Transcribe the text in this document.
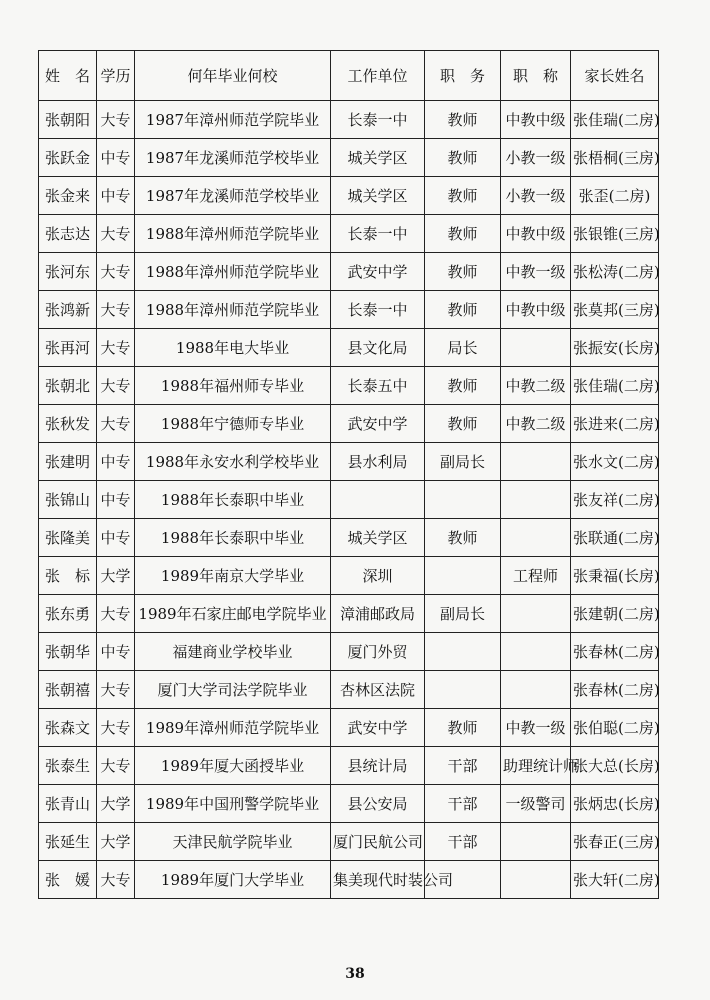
姓　名	学历	何年毕业何校	工作单位	职　务	职　称	家长姓名
张朝阳	大专	1987年漳州师范学院毕业	长泰一中	教师	中教中级	张佳瑞(二房)
张跃金	中专	1987年龙溪师范学校毕业	城关学区	教师	小教一级	张梧桐(三房)
张金来	中专	1987年龙溪师范学校毕业	城关学区	教师	小教一级	张歪(二房)
张志达	大专	1988年漳州师范学院毕业	长泰一中	教师	中教中级	张银锥(三房)
张河东	大专	1988年漳州师范学院毕业	武安中学	教师	中教一级	张松涛(二房)
张鸿新	大专	1988年漳州师范学院毕业	长泰一中	教师	中教中级	张莫邦(三房)
张再河	大专	1988年电大毕业	县文化局	局长		张振安(长房)
张朝北	大专	1988年福州师专毕业	长泰五中	教师	中教二级	张佳瑞(二房)
张秋发	大专	1988年宁德师专毕业	武安中学	教师	中教二级	张进来(二房)
张建明	中专	1988年永安水利学校毕业	县水利局	副局长		张水文(二房)
张锦山	中专	1988年长泰职中毕业				张友祥(二房)
张隆美	中专	1988年长泰职中毕业	城关学区	教师		张联通(二房)
张　标	大学	1989年南京大学毕业	深圳		工程师	张秉福(长房)
张东勇	大专	1989年石家庄邮电学院毕业	漳浦邮政局	副局长		张建朝(二房)
张朝华	中专	福建商业学校毕业	厦门外贸			张春林(二房)
张朝禧	大专	厦门大学司法学院毕业	杏林区法院			张春林(二房)
张森文	大专	1989年漳州师范学院毕业	武安中学	教师	中教一级	张伯聪(二房)
张泰生	大专	1989年厦大函授毕业	县统计局	干部	助理统计师	张大总(长房)
张青山	大学	1989年中国刑警学院毕业	县公安局	干部	一级警司	张炳忠(长房)
张延生	大学	天津民航学院毕业	厦门民航公司	干部		张春正(三房)
张　媛	大专	1989年厦门大学毕业	集美现代时装公司			张大轩(二房)
38
